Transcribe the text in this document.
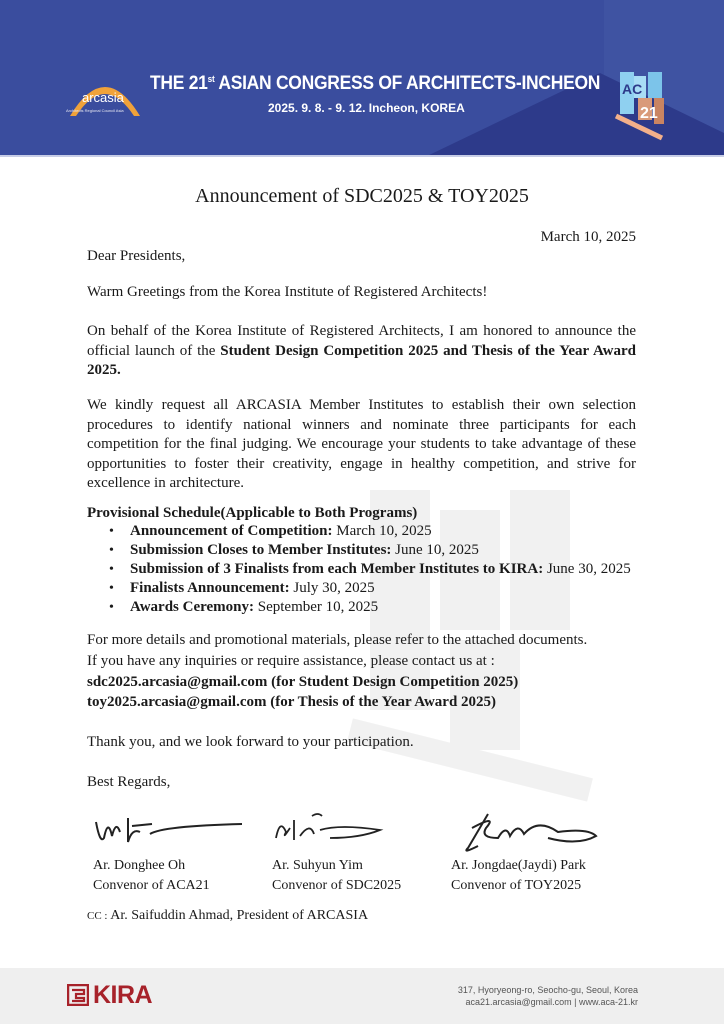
arcasia
Architects Regional Council Asia
THE 21st ASIAN CONGRESS OF ARCHITECTS-INCHEON
2025. 9. 8. - 9. 12. Incheon, KOREA
AC
21
Announcement of SDC2025 & TOY2025
March 10, 2025
Dear Presidents,
Warm Greetings from the Korea Institute of Registered Architects!
On behalf of the Korea Institute of Registered Architects, I am honored to announce the official launch of the Student Design Competition 2025 and Thesis of the Year Award 2025.
We kindly request all ARCASIA Member Institutes to establish their own selection procedures to identify national winners and nominate three participants for each competition for the final judging. We encourage your students to take advantage of these opportunities to foster their creativity, engage in healthy competition, and strive for excellence in architecture.
Provisional Schedule(Applicable to Both Programs)
• Announcement of Competition: March 10, 2025
• Submission Closes to Member Institutes: June 10, 2025
• Submission of 3 Finalists from each Member Institutes to KIRA: June 30, 2025
• Finalists Announcement: July 30, 2025
• Awards Ceremony: September 10, 2025
For more details and promotional materials, please refer to the attached documents.
If you have any inquiries or require assistance, please contact us at :
sdc2025.arcasia@gmail.com (for Student Design Competition 2025)
toy2025.arcasia@gmail.com (for Thesis of the Year Award 2025)
Thank you, and we look forward to your participation.
Best Regards,
Ar. Donghee Oh
Convenor of ACA21
Ar. Suhyun Yim
Convenor of SDC2025
Ar. Jongdae(Jaydi) Park
Convenor of TOY2025
CC : Ar. Saifuddin Ahmad, President of ARCASIA
KIRA	317, Hyoryeong-ro, Seocho-gu, Seoul, Korea
aca21.arcasia@gmail.com | www.aca-21.kr
